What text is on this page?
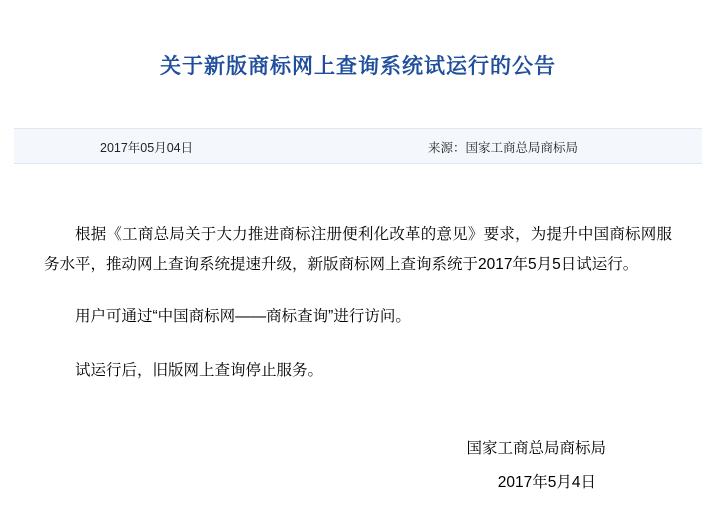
关于新版商标网上查询系统试运行的公告
2017年05月04日	来源：国家工商总局商标局

根据《工商总局关于大力推进商标注册便利化改革的意见》要求，为提升中国商标网服务水平，推动网上查询系统提速升级，新版商标网上查询系统于2017年5月5日试运行。

用户可通过“中国商标网——商标查询”进行访问。

试运行后，旧版网上查询停止服务。

国家工商总局商标局
2017年5月4日
